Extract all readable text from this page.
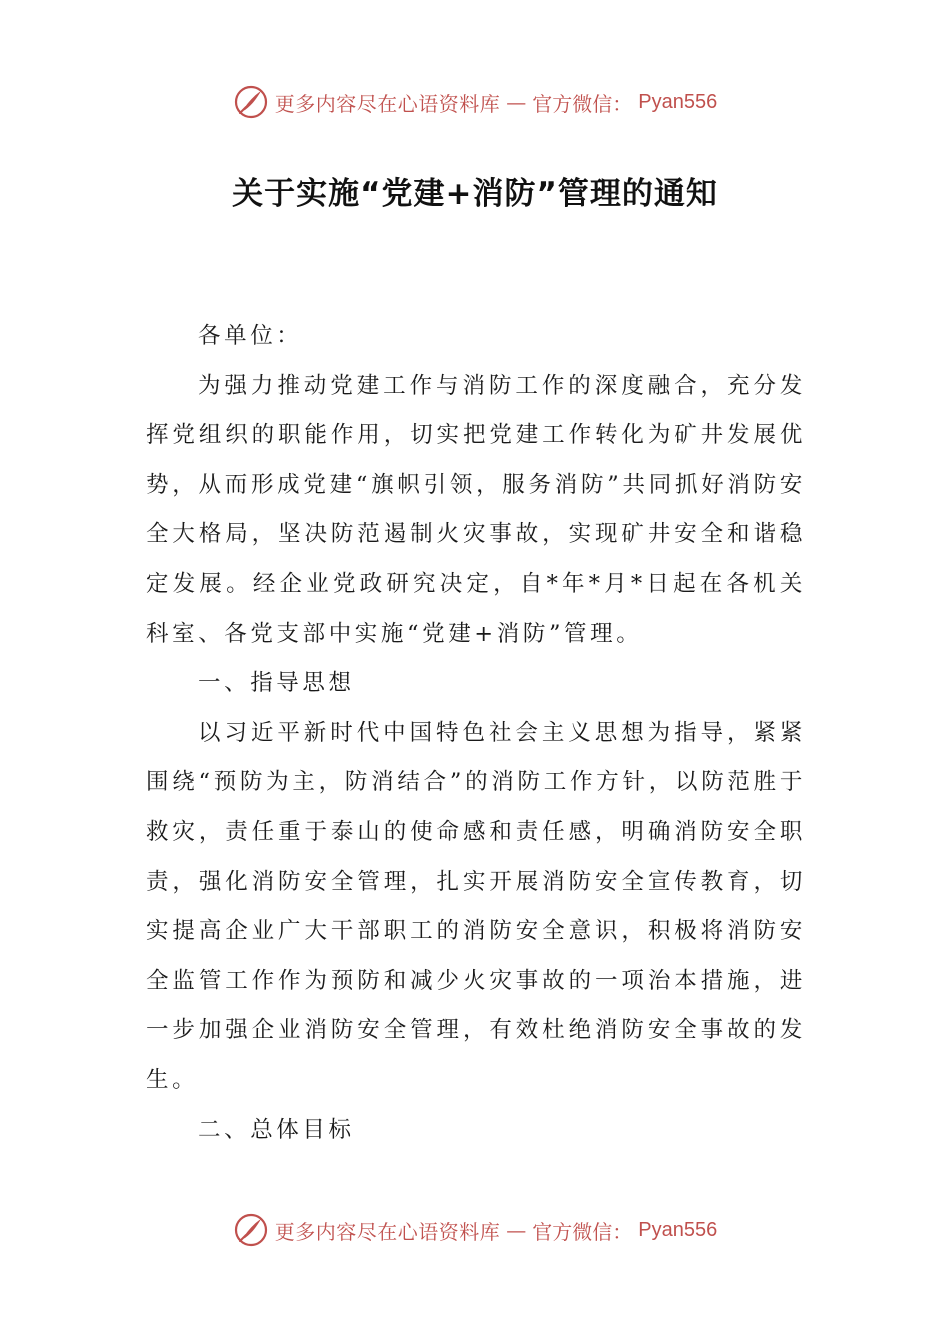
更多内容尽在心语资料库 — 官方微信： Pyan556
关于实施“党建+消防”管理的通知

各单位：

为强力推动党建工作与消防工作的深度融合，充分发挥党组织的职能作用，切实把党建工作转化为矿井发展优势，从而形成党建“旗帜引领，服务消防”共同抓好消防安全大格局，坚决防范遏制火灾事故，实现矿井安全和谐稳定发展。经企业党政研究决定，自*年*月*日起在各机关科室、各党支部中实施“党建+消防”管理。

一、指导思想

以习近平新时代中国特色社会主义思想为指导，紧紧围绕“预防为主，防消结合”的消防工作方针，以防范胜于救灾，责任重于泰山的使命感和责任感，明确消防安全职责，强化消防安全管理，扎实开展消防安全宣传教育，切实提高企业广大干部职工的消防安全意识，积极将消防安全监管工作作为预防和减少火灾事故的一项治本措施，进一步加强企业消防安全管理，有效杜绝消防安全事故的发生。

二、总体目标

更多内容尽在心语资料库 — 官方微信： Pyan556
